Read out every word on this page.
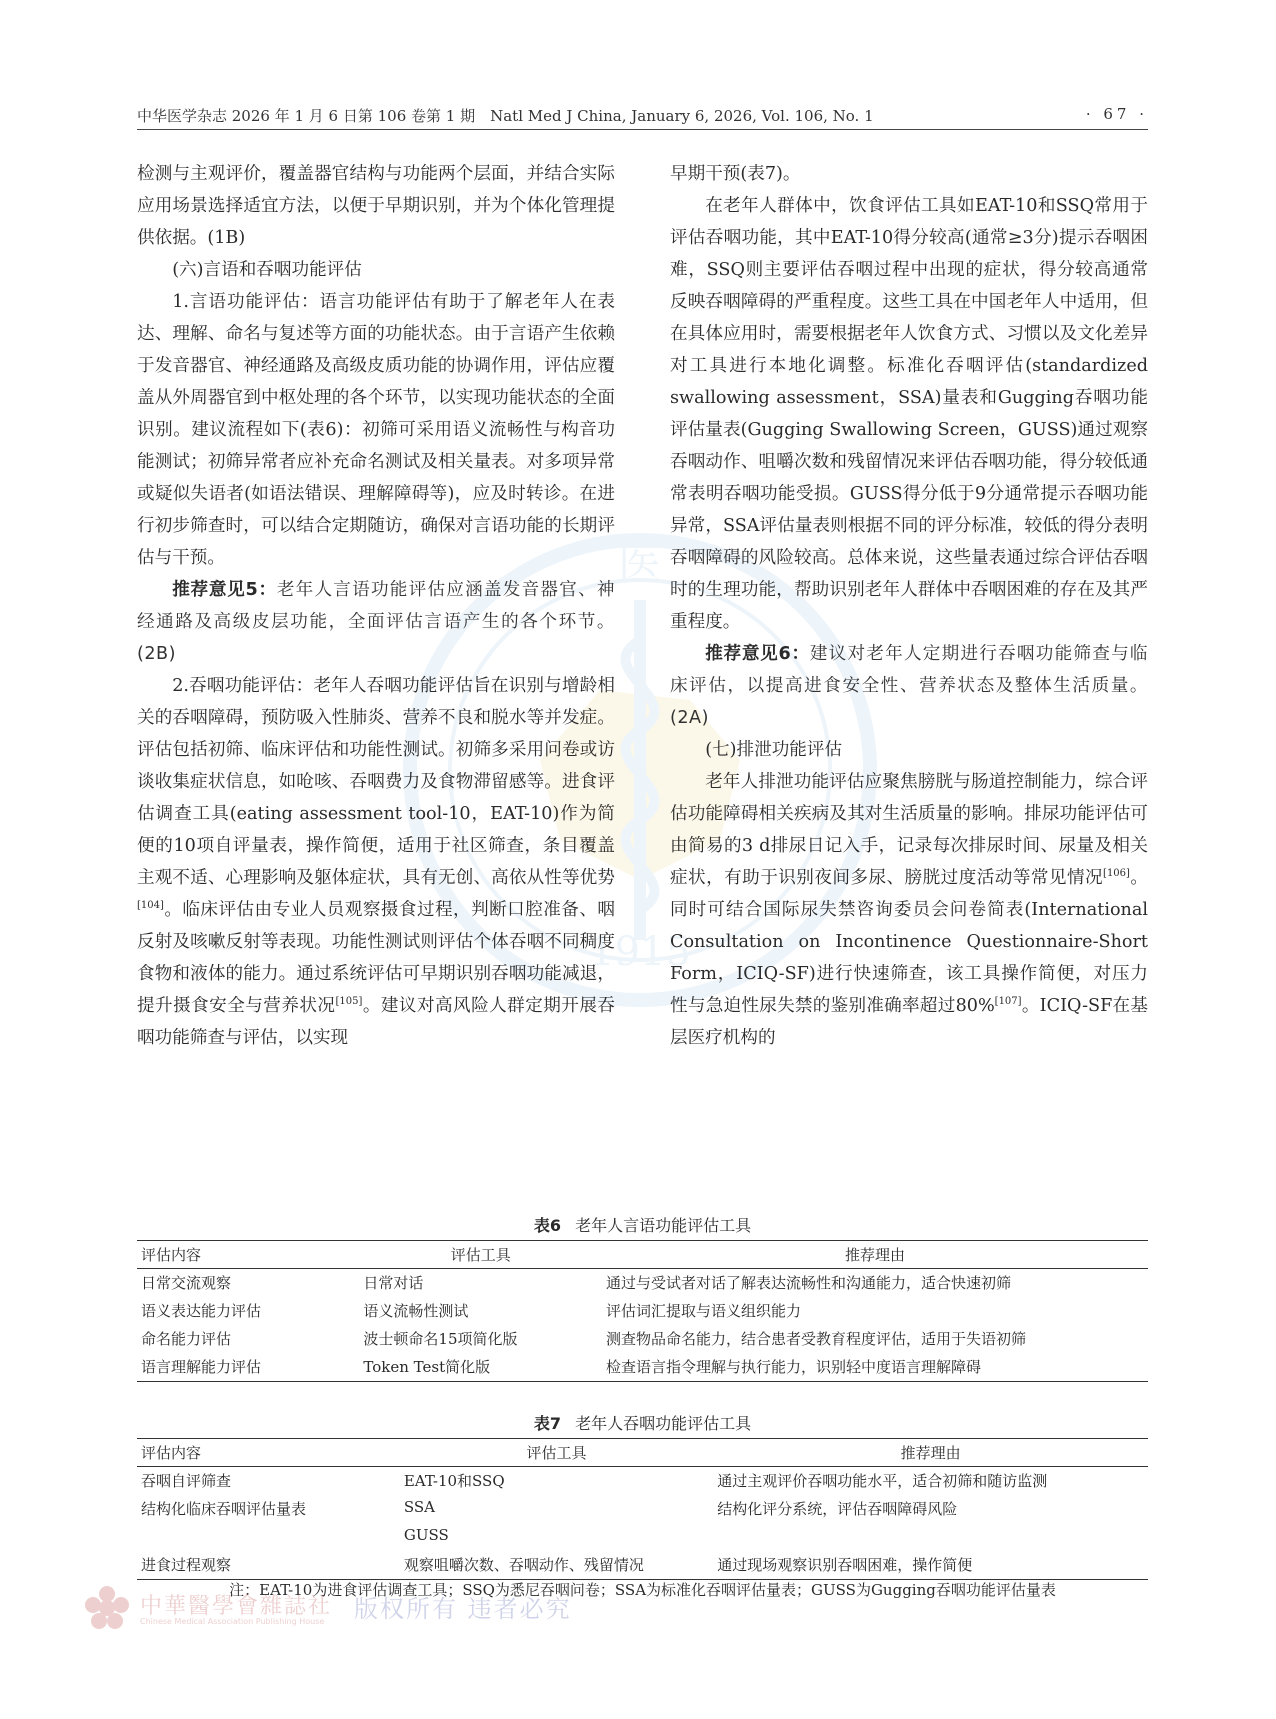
中华医学杂志 2026 年 1 月 6 日第 106 卷第 1 期　Natl Med J China, January 6, 2026, Vol. 106, No. 1	· 67 ·
医
1915

检测与主观评价，覆盖器官结构与功能两个层面，并结合实际应用场景选择适宜方法，以便于早期识别，并为个体化管理提供依据。(1B)

(六)言语和吞咽功能评估

1.言语功能评估：语言功能评估有助于了解老年人在表达、理解、命名与复述等方面的功能状态。由于言语产生依赖于发音器官、神经通路及高级皮质功能的协调作用，评估应覆盖从外周器官到中枢处理的各个环节，以实现功能状态的全面识别。建议流程如下(表6)：初筛可采用语义流畅性与构音功能测试；初筛异常者应补充命名测试及相关量表。对多项异常或疑似失语者(如语法错误、理解障碍等)，应及时转诊。在进行初步筛查时，可以结合定期随访，确保对言语功能的长期评估与干预。

推荐意见5：老年人言语功能评估应涵盖发音器官、神经通路及高级皮层功能，全面评估言语产生的各个环节。(2B)

2.吞咽功能评估：老年人吞咽功能评估旨在识别与增龄相关的吞咽障碍，预防吸入性肺炎、营养不良和脱水等并发症。评估包括初筛、临床评估和功能性测试。初筛多采用问卷或访谈收集症状信息，如呛咳、吞咽费力及食物滞留感等。进食评估调查工具(eating assessment tool-10，EAT-10)作为简便的10项自评量表，操作简便，适用于社区筛查，条目覆盖主观不适、心理影响及躯体症状，具有无创、高依从性等优势[104]。临床评估由专业人员观察摄食过程，判断口腔准备、咽反射及咳嗽反射等表现。功能性测试则评估个体吞咽不同稠度食物和液体的能力。通过系统评估可早期识别吞咽功能减退，提升摄食安全与营养状况[105]。建议对高风险人群定期开展吞咽功能筛查与评估，以实现

早期干预(表7)。

在老年人群体中，饮食评估工具如EAT-10和SSQ常用于评估吞咽功能，其中EAT-10得分较高(通常≥3分)提示吞咽困难，SSQ则主要评估吞咽过程中出现的症状，得分较高通常反映吞咽障碍的严重程度。这些工具在中国老年人中适用，但在具体应用时，需要根据老年人饮食方式、习惯以及文化差异对工具进行本地化调整。标准化吞咽评估(standardized swallowing assessment，SSA)量表和Gugging吞咽功能评估量表(Gugging Swallowing Screen，GUSS)通过观察吞咽动作、咀嚼次数和残留情况来评估吞咽功能，得分较低通常表明吞咽功能受损。GUSS得分低于9分通常提示吞咽功能异常，SSA评估量表则根据不同的评分标准，较低的得分表明吞咽障碍的风险较高。总体来说，这些量表通过综合评估吞咽时的生理功能，帮助识别老年人群体中吞咽困难的存在及其严重程度。

推荐意见6：建议对老年人定期进行吞咽功能筛查与临床评估，以提高进食安全性、营养状态及整体生活质量。(2A)

(七)排泄功能评估

老年人排泄功能评估应聚焦膀胱与肠道控制能力，综合评估功能障碍相关疾病及其对生活质量的影响。排尿功能评估可由简易的3 d排尿日记入手，记录每次排尿时间、尿量及相关症状，有助于识别夜间多尿、膀胱过度活动等常见情况[106]。同时可结合国际尿失禁咨询委员会问卷简表(International Consultation on Incontinence Questionnaire-Short Form，ICIQ-SF)进行快速筛查，该工具操作简便，对压力性与急迫性尿失禁的鉴别准确率超过80%[107]。ICIQ-SF在基层医疗机构的

表6 老年人言语功能评估工具
评估内容	评估工具	推荐理由
日常交流观察	日常对话	通过与受试者对话了解表达流畅性和沟通能力，适合快速初筛
语义表达能力评估	语义流畅性测试	评估词汇提取与语义组织能力
命名能力评估	波士顿命名15项简化版	测查物品命名能力，结合患者受教育程度评估，适用于失语初筛
语言理解能力评估	Token Test简化版	检查语言指令理解与执行能力，识别轻中度语言理解障碍
表7 老年人吞咽功能评估工具
评估内容	评估工具	推荐理由
吞咽自评筛查	EAT-10和SSQ	通过主观评价吞咽功能水平，适合初筛和随访监测
结构化临床吞咽评估量表	SSA	结构化评分系统，评估吞咽障碍风险
	GUSS	
进食过程观察	观察咀嚼次数、吞咽动作、残留情况	通过现场观察识别吞咽困难，操作简便
注：EAT-10为进食评估调查工具；SSQ为悉尼吞咽问卷；SSA为标准化吞咽评估量表；GUSS为Gugging吞咽功能评估量表
中華醫學會雜誌社
Chinese Medical Association Publishing House 版权所有 违者必究
